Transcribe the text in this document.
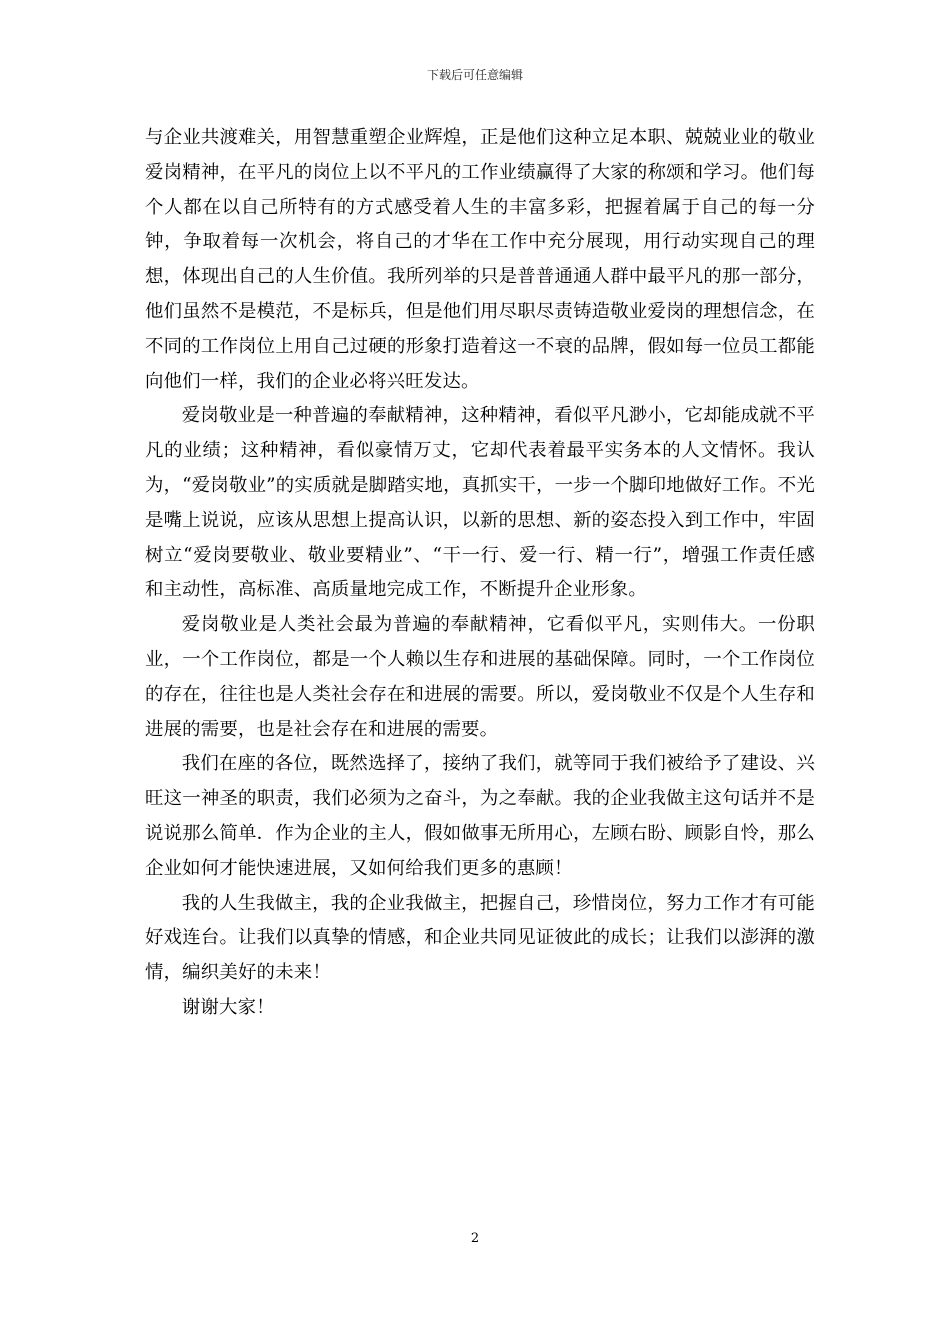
下载后可任意编辑

与企业共渡难关，用智慧重塑企业辉煌，正是他们这种立足本职、兢兢业业的敬业爱岗精神，在平凡的岗位上以不平凡的工作业绩赢得了大家的称颂和学习。他们每个人都在以自己所特有的方式感受着人生的丰富多彩，把握着属于自己的每一分钟，争取着每一次机会，将自己的才华在工作中充分展现，用行动实现自己的理想，体现出自己的人生价值。我所列举的只是普普通通人群中最平凡的那一部分，他们虽然不是模范，不是标兵，但是他们用尽职尽责铸造敬业爱岗的理想信念，在不同的工作岗位上用自己过硬的形象打造着这一不衰的品牌，假如每一位员工都能向他们一样，我们的企业必将兴旺发达。

爱岗敬业是一种普遍的奉献精神，这种精神，看似平凡渺小，它却能成就不平凡的业绩；这种精神，看似豪情万丈，它却代表着最平实务本的人文情怀。我认为，“爱岗敬业”的实质就是脚踏实地，真抓实干，一步一个脚印地做好工作。不光是嘴上说说，应该从思想上提高认识，以新的思想、新的姿态投入到工作中，牢固树立“爱岗要敬业、敬业要精业”、“干一行、爱一行、精一行”，增强工作责任感和主动性，高标准、高质量地完成工作，不断提升企业形象。

爱岗敬业是人类社会最为普遍的奉献精神，它看似平凡，实则伟大。一份职业，一个工作岗位，都是一个人赖以生存和进展的基础保障。同时，一个工作岗位的存在，往往也是人类社会存在和进展的需要。所以，爱岗敬业不仅是个人生存和进展的需要，也是社会存在和进展的需要。

我们在座的各位，既然选择了，接纳了我们，就等同于我们被给予了建设、兴旺这一神圣的职责，我们必须为之奋斗，为之奉献。我的企业我做主这句话并不是说说那么简单．作为企业的主人，假如做事无所用心，左顾右盼、顾影自怜，那么企业如何才能快速进展，又如何给我们更多的惠顾！

我的人生我做主，我的企业我做主，把握自己，珍惜岗位，努力工作才有可能好戏连台。让我们以真挚的情感，和企业共同见证彼此的成长；让我们以澎湃的激情，编织美好的未来！

谢谢大家！

2
